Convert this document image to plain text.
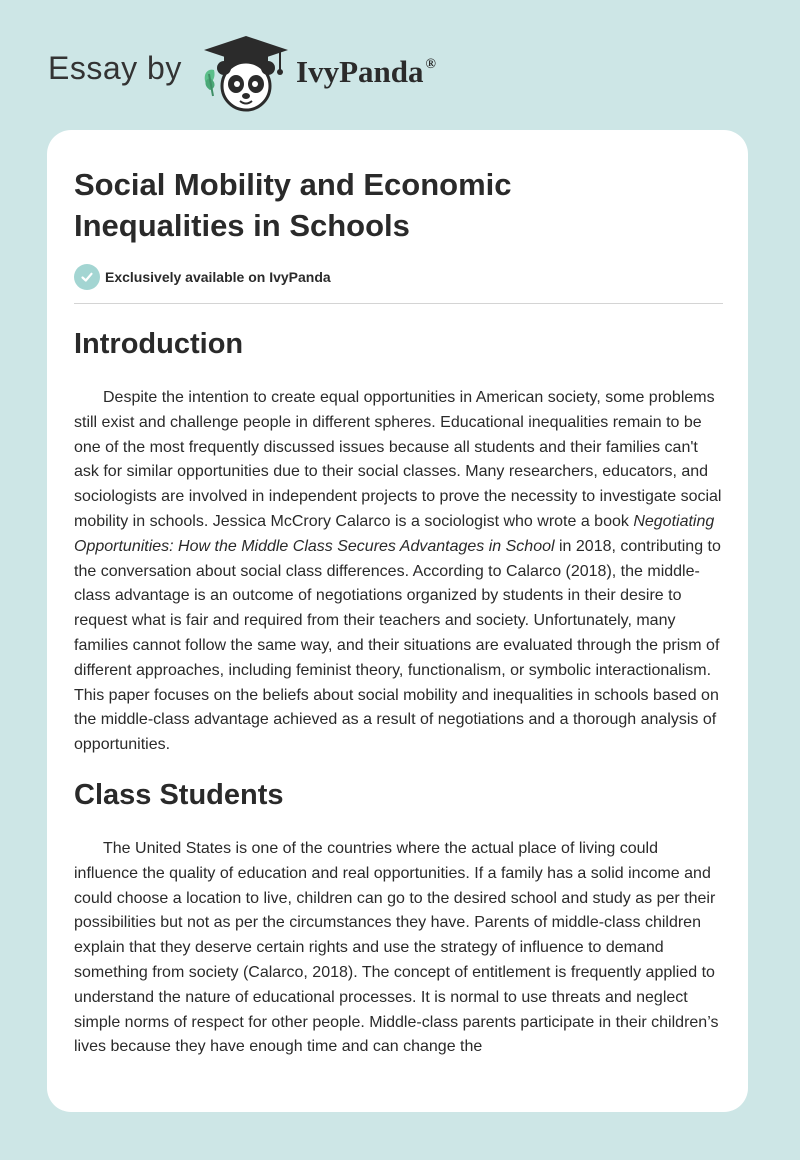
Essay by	IvyPanda ®
Social Mobility and Economic Inequalities in Schools
Exclusively available on IvyPanda
Introduction

Despite the intention to create equal opportunities in American society, some problems still exist and challenge people in different spheres. Educational inequalities remain to be one of the most frequently discussed issues because all students and their families can't ask for similar opportunities due to their social classes. Many researchers, educators, and sociologists are involved in independent projects to prove the necessity to investigate social mobility in schools. Jessica McCrory Calarco is a sociologist who wrote a book Negotiating Opportunities: How the Middle Class Secures Advantages in School in 2018, contributing to the conversation about social class differences. According to Calarco (2018), the middle-class advantage is an outcome of negotiations organized by students in their desire to request what is fair and required from their teachers and society. Unfortunately, many families cannot follow the same way, and their situations are evaluated through the prism of different approaches, including feminist theory, functionalism, or symbolic interactionalism. This paper focuses on the beliefs about social mobility and inequalities in schools based on the middle-class advantage achieved as a result of negotiations and a thorough analysis of opportunities.

Class Students

The United States is one of the countries where the actual place of living could influence the quality of education and real opportunities. If a family has a solid income and could choose a location to live, children can go to the desired school and study as per their possibilities but not as per the circumstances they have. Parents of middle-class children explain that they deserve certain rights and use the strategy of influence to demand something from society (Calarco, 2018). The concept of entitlement is frequently applied to understand the nature of educational processes. It is normal to use threats and neglect simple norms of respect for other people. Middle-class parents participate in their children’s lives because they have enough time and can change the
